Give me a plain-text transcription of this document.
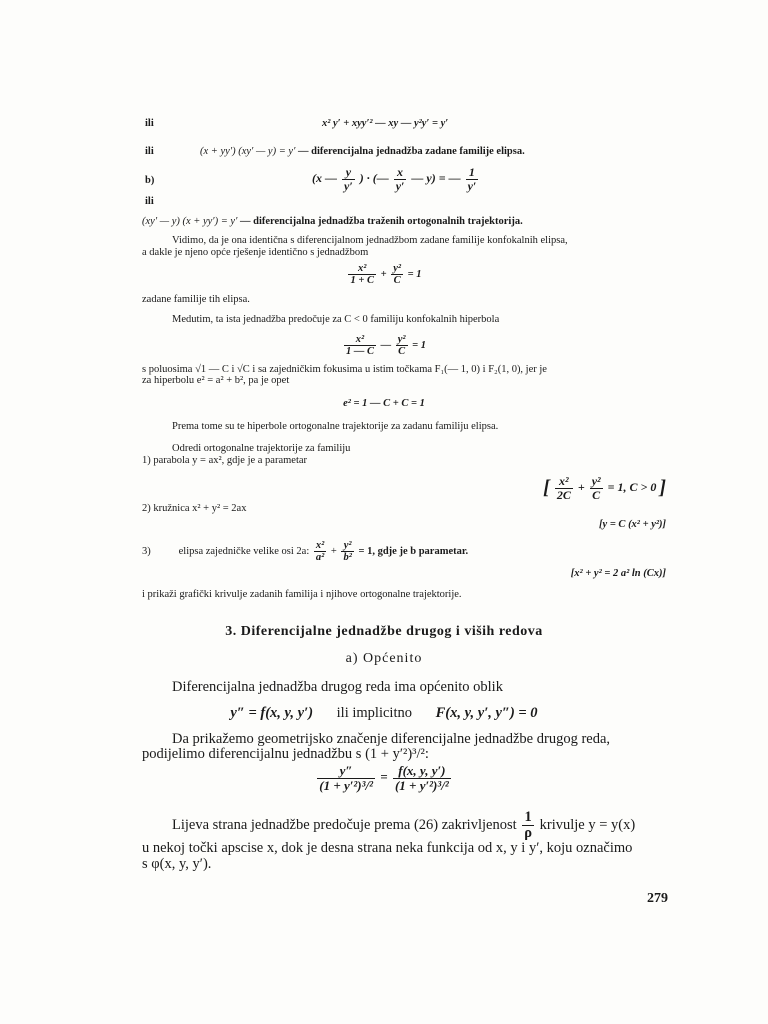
ili	x² y′ + xyy′² — xy — y²y′ = y′
ili	(x + yy′) (xy′ — y) = y′ — diferencijalna jednadžba zadane familije elipsa.
b)	(x — $\frac{y}{y'}$ ) · (— $\frac{x}{y'}$ — y) = — $\frac{1}{y'}$
ili
(xy′ — y) (x + yy′) = y′ — diferencijalna jednadžba traženih ortogonalnih trajektorija.
Vidimo, da je ona identična s diferencijalnom jednadžbom zadane familije konfokalnih elipsa,
a dakle je njeno opće rješenje identično s jednadžbom
$\frac{\text{x²}}{1 + C} + \frac{\text{y²}}{C} = 1$
zadane familije tih elipsa.
Medutim, ta ista jednadžba predočuje za C < 0 familiju konfokalnih hiperbola
$\frac{\text{x²}}{1 — C}$ — $\frac{\text{y²}}{C} = 1$
s poluosima √1 — C i √C i sa zajedničkim fokusima u istim točkama F₁(— 1, 0) i F₂(1, 0), jer je
za hiperbolu e² = a² + b², pa je opet
e² = 1 — C + C = 1
Prema tome su te hiperbole ortogonalne trajektorije za zadanu familiju elipsa.
Odredi ortogonalne trajektorije za familiju
1) parabola y = ax², gdje je a parametar
[ $\frac{\text{x²}}{2C} + \frac{\text{y²}}{C} = 1$, C > 0 ]
2) kružnica x² + y² = 2ax
[y = C (x² + y²)]
3)	elipsa zajedničke velike osi 2a: $\frac{\text{x²}}{\text{a²}} + \frac{\text{y²}}{\text{b²}} = 1$, gdje je b parametar.
[x² + y² = 2 a² ln (Cx)]
i prikaži grafički krivulje zadanih familija i njihove ortogonalne trajektorije.
3. Diferencijalne jednadžbe drugog i viših redova
a) Općenito
Diferencijalna jednadžba drugog reda ima općenito oblik
y″ = f(x, y, y′) ili implicitno F(x, y, y′, y″) = 0
Da prikažemo geometrijsko značenje diferencijalne jednadžbe drugog reda,
podijelimo diferencijalnu jednadžbu s (1 + y′²)³/²:
$\frac{y''}{\text{(1 + y′²)³/²}} = \frac{f(x, y, y')}{\text{(1 + y′²)³/²}}$
Lijeva strana jednadžbe predočuje prema (26) zakrivljenost $\frac{1}{\rho}$ krivulje y = y(x)
u nekoj točki apscise x, dok je desna strana neka funkcija od x, y i y′, koju označimo
s φ(x, y, y′).
279
